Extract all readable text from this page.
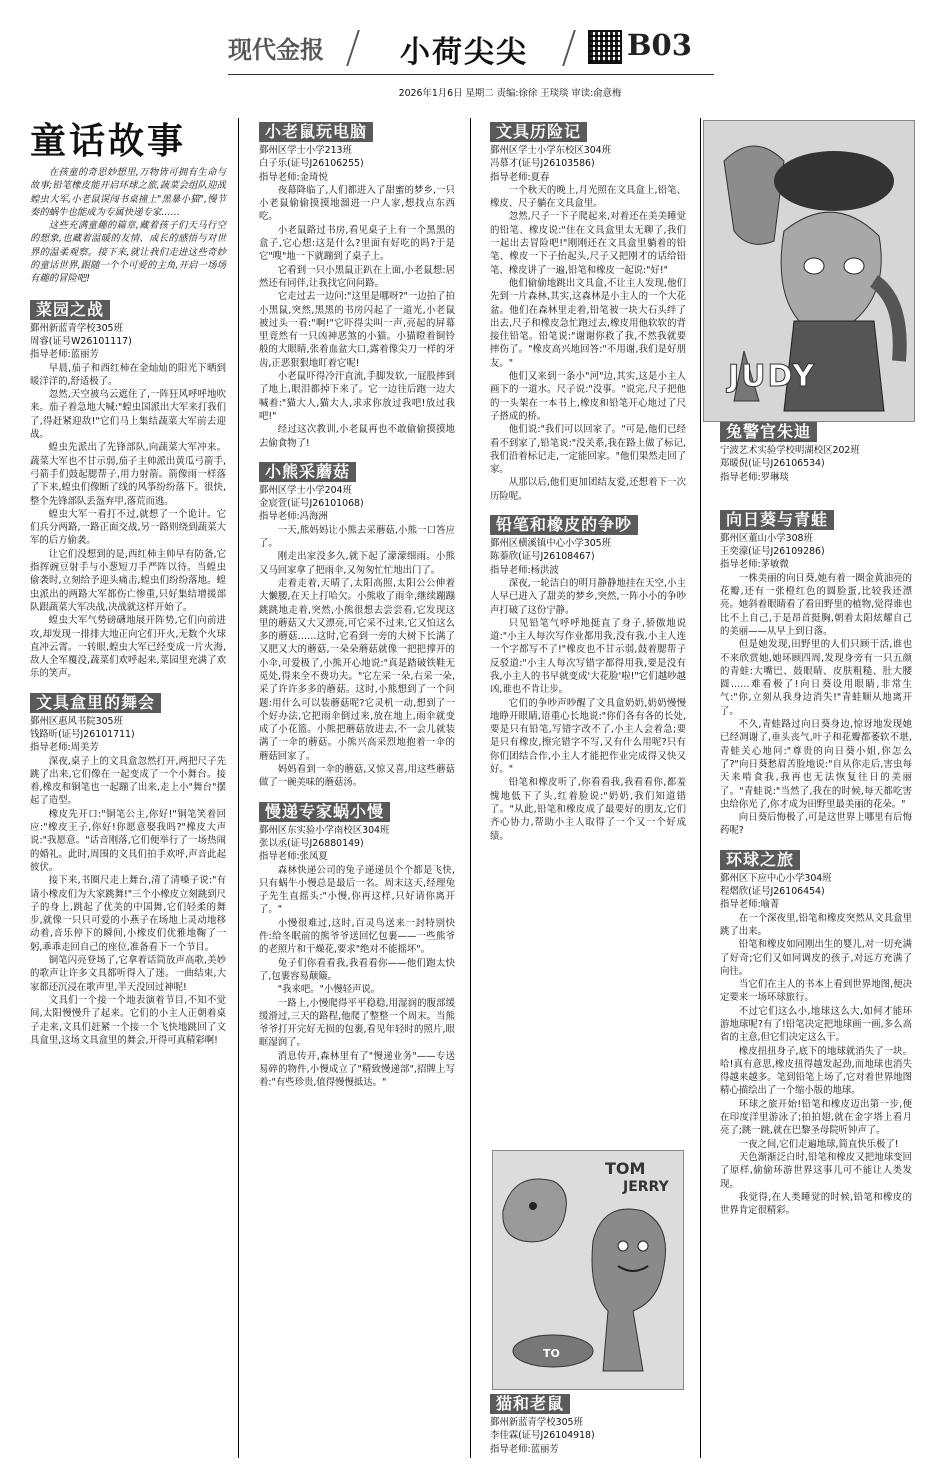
现代金报	小荷尖尖	B03
2026年1月6日 星期二 责编:徐徐 王琰琰 审读:俞意梅
童话故事

在孩童的奇思妙想里,万物皆可拥有生命与故事;铅笔橡皮能开启环球之旅,蔬菜会组队迎战蝗虫大军,小老鼠误闯书桌撞上"黑暴小猫",慢节奏的蜗牛也能成为专属快递专家……

这些充满童趣的篇章,藏着孩子们天马行空的想象,也藏着温暖的友情、成长的感悟与对世界的温柔观察。接下来,就让我们走进这些奇妙的童话世界,跟随一个个可爱的主角,开启一场场有趣的冒险吧!

菜园之战
鄞州新蓝青学校305班
周睿(证号W26101117)
指导老师:蓝丽芳

早晨,茄子和西红柿在金灿灿的阳光下晒到暖洋洋的,舒适极了。

忽然,天空被乌云遮住了,一阵狂风呼呼地吹来。茄子着急地大喊:"蝗虫国派出大军来打我们了,得赶紧迎敌!"它们马上集结蔬菜大军前去迎战。

蝗虫先派出了先锋部队,向蔬菜大军冲来。蔬菜大军也不甘示弱,茄子主帅派出黄瓜弓箭手,弓箭手们鼓起腮帮子,用力射箭。箭像雨一样落了下来,蝗虫们像断了线的风筝纷纷落下。很快,整个先锋部队丢盔弃甲,落荒而逃。

蝗虫大军一看打不过,就想了一个诡计。它们兵分两路,一路正面交战,另一路则绕到蔬菜大军的后方偷袭。

让它们没想到的是,西红柿主帅早有防备,它指挥豌豆射手与小葱短刀手严阵以待。当蝗虫偷袭时,立刻给予迎头痛击,蝗虫们纷纷落地。蝗虫派出的两路大军都伤亡惨重,只好集结增援部队跟蔬菜大军决战,决战就这样开始了。

蝗虫大军气势磅礴地展开阵势,它们向前进攻,却发现一排排大地正向它们开火,无数个火球直冲云霄。一转眼,蝗虫大军已经变成一片火海,敌人全军覆没,蔬菜们欢呼起来,菜园里充满了欢乐的笑声。

文具盒里的舞会
鄞州区惠风书院305班
钱路昕(证号J26101711)
指导老师:周美芳

深夜,桌子上的文具盒忽然打开,两把尺子先跳了出来,它们像在一起变成了一个小舞台。接着,橡皮和铜笔也一起蹦了出来,走上小"舞台"摆起了造型。

橡皮先开口:"铜笔公主,你好!"铜笔笑着回应:"橡皮王子,你好!你愿意娶我吗?"橡皮大声说:"我愿意。"话音刚落,它们便举行了一场热闹的婚礼。此时,周围的文具们拍手欢呼,声音此起彼伏。

接下来,书圈尺走上舞台,清了清嗓子说:"有请小橡皮们为大家跳舞!"三个小橡皮立刻跳到尺子的身上,跳起了优美的中国舞,它们轻柔的舞步,就像一只只可爱的小燕子在场地上灵动地移动着,音乐停下的瞬间,小橡皮们优雅地鞠了一躬,乖乖走回自己的座位,准备看下一个节目。

铜笔闪亮登场了,它拿着话筒放声高歌,美妙的歌声让许多文具都听得入了迷。一曲结束,大家都还沉浸在歌声里,半天没回过神呢!

文具们一个接一个地表演着节目,不知不觉间,太阳慢慢升了起来。它们的小主人正朝着桌子走来,文具们赶紧一个接一个飞快地跳回了文具盒里,这场文具盒里的舞会,开得可真精彩啊!

小老鼠玩电脑
鄞州区学士小学213班
白子乐(证号J26106255)
指导老师:金琦悦

夜幕降临了,人们都进入了甜蜜的梦乡,一只小老鼠偷偷摸摸地溜进一户人家,想找点东西吃。

小老鼠路过书房,看见桌子上有一个黑黑的盒子,它心想:这是什么?里面有好吃的吗?于是它"嗖"地一下就蹦到了桌子上。

它看到一只小黑鼠正趴在上面,小老鼠想:居然还有同伴,让我找它问问路。

它走过去一边问:"这里是哪呀?"一边拍了拍小黑鼠,突然,黑黑的书房闪起了一道光,小老鼠被过头一看:"啊!"它吓得尖叫一声,亮起的屏幕里竟然有一只凶神恶煞的小猫。小猫瞪着铜铃般的大眼睛,张着血盆大口,露着像尖刀一样的牙齿,正恶狠狠地盯着它呢!

小老鼠吓得冷汗直流,手脚发软,一屁股摔到了地上,眼泪都掉下来了。它一边往后跑一边大喊着:"猫大人,猫大人,求求你放过我吧!放过我吧!"

经过这次教训,小老鼠再也不敢偷偷摸摸地去偷食物了!

小熊采蘑菇
鄞州区学士小学204班
金宸萱(证号J26101068)
指导老师:冯海洲

一天,熊妈妈让小熊去采蘑菇,小熊一口答应了。

刚走出家没多久,就下起了濛濛细雨。小熊又马回家拿了把雨伞,又匆匆忙忙地出门了。

走着走着,天晴了,太阳高照,太阳公公伸着大懒腰,在天上打哈欠。小熊收了雨伞,继续蹦蹦跳跳地走着,突然,小熊很想去尝尝看,它发现这里的蘑菇又大又漂亮,可它采不过来,它又怕这么多的蘑菇……这时,它看到一旁的大树下长满了又肥又大的蘑菇,一朵朵蘑菇就像一把把撑开的小伞,可爱极了,小熊开心地说:"真是踏破铁鞋无觅处,得来全不费功夫。"它左采一朵,右采一朵,采了许许多多的蘑菇。这时,小熊想到了一个问题:用什么可以装蘑菇呢?它灵机一动,想到了一个好办法,它把雨伞倒过来,放在地上,雨伞就变成了小花篮。小熊把蘑菇放进去,不一会儿就装满了一伞的蘑菇。小熊兴高采烈地抱着一伞的蘑菇回家了。

妈妈看到一伞的蘑菇,又惊又喜,用这些蘑菇做了一碗美味的蘑菇汤。

慢递专家蜗小慢
鄞州区东实验小学南校区304班
张以丞(证号J26880149)
指导老师:张凤夏

森林快递公司的兔子递递员个个都是飞快,只有蜗牛小慢总是最后一名。周末这天,经理兔子先生直摇头:"小慢,你再这样,只好请你离开了。"

小慢很难过,这时,百灵鸟送来一封特别快件:给冬眠前的熊爷爷送回忆包裹——一些熊爷的老照片和干燥花,要求"绝对不能摇坏"。

兔子们你看看我,我看看你——他们跑太快了,包裹容易颠簸。

"我来吧。"小慢轻声说。

一路上,小慢爬得平平稳稳,用湿润的腹部缓缓滑过,三天的路程,他爬了整整一个周末。当熊爷爷打开完好无损的包裹,看见年轻时的照片,眼眶湿润了。

消息传开,森林里有了"慢递业务"——专送易碎的物件,小慢成立了"精致慢递部",招牌上写着:"有些珍贵,值得慢慢抵达。"

文具历险记
鄞州区学士小学东校区304班
冯慕才(证号J26103586)
指导老师:夏春

一个秋天的晚上,月光照在文具盒上,铅笔、橡皮、尺子躺在文具盒里。

忽然,尺子一下子爬起来,对着还在美美睡觉的铅笔、橡皮说:"住在文具盒里太无聊了,我们一起出去冒险吧!"刚刚还在文具盒里躺着的铅笔、橡皮一下子抬起头,尺子又把刚才的话给铅笔、橡皮讲了一遍,铅笔和橡皮一起说:"好!"

他们偷偷地跳出文具盒,不让主人发现,他们先到一片森林,其实,这森林是小主人的一个大花盆。他们在森林里走着,铅笔被一块大石头绊了出去,尺子和橡皮急忙跑过去,橡皮用他软软的背接住铅笔。铅笔说:"谢谢你救了我,不然我就要摔伤了。"橡皮高兴地回答:"不用谢,我们是好朋友。"

他们又来到一条小"河"边,其实,这是小主人画下的一道水。尺子说:"没事。"说完,尺子把他的一头架在一本书上,橡皮和铅笔开心地过了尺子搭成的桥。

他们说:"我们可以回家了。"可是,他们已经看不到家了,铅笔说:"没关系,我在路上做了标记,我们沿着标记走,一定能回家。"他们果然走回了家。

从那以后,他们更加团结友爱,还想着下一次历险呢。

铅笔和橡皮的争吵
鄞州区横溪镇中心小学305班
陈蓁欣(证号J26108467)
指导老师:杨洪波

深夜,一轮洁白的明月静静地挂在天空,小主人早已进入了甜美的梦乡,突然,一阵小小的争吵声打破了这份宁静。

只见铅笔气呼呼地挺直了身子,骄傲地说道:"小主人每次写作业都用我,没有我,小主人连一个字都写不了!"橡皮也不甘示弱,鼓着腮帮子反驳道:"小主人每次写错字都得用我,要是没有我,小主人的书早就变成'大花脸'啦!"它们越吵越凶,谁也不肯让步。

它们的争吵声吵醒了文具盒奶奶,奶奶慢慢地睁开眼睛,语重心长地说:"你们各有各的长处,要是只有铅笔,写错字改不了,小主人会着急;要是只有橡皮,擦完错字不写,又有什么用呢?只有你们团结合作,小主人才能把作业完成得又快又好。"

铅笔和橡皮听了,你看看我,我看看你,都羞愧地低下了头,红着脸说:"奶奶,我们知道错了。"从此,铅笔和橡皮成了最要好的朋友,它们齐心协力,帮助小主人取得了一个又一个好成绩。

TOM
JERRY
TO
猫和老鼠
鄞州新蓝青学校305班
李佳霖(证号J26104918)
指导老师:蓝丽芳
JUDY
兔警官朱迪
宁波艺术实验学校明湖校区202班
郑暖倪(证号J26106534)
指导老师:罗琳琰
向日葵与青蛙
鄞州区董山小学308班
王奕濠(证号J26109286)
指导老师:茅敏微

一株美丽的向日葵,她有着一圈金黄油亮的花瓣,还有一张橙红色的圆脸蛋,比较我还漂亮。她斜着眼睛看了看田野里的植物,觉得谁也比不上自己,于是昂首挺胸,朝着太阳炫耀自己的美丽——从早上到日落。

但是她发现,田野里的人们只顾干活,谁也不来欣赏她,她环顾四周,发现身旁有一只五颜的青蛙:大嘴巴、鼓眼睛、皮肤粗糙、肚大腰圆……难看极了!向日葵设用眼睛,非常生气:"你,立刻从我身边消失!"青蛙顺从地离开了。

不久,青蛙路过向日葵身边,惊讶地发现她已经凋谢了,垂头丧气,叶子和花瓣都萎软不堪,青蛙关心地问:"尊贵的向日葵小姐,你怎么了?"向日葵愁眉苦脸地说:"自从你走后,害虫每天来啃食我,我再也无法恢复往日的美丽了。"青蛙说:"当然了,我在的时候,每天都吃害虫给你光了,你才成为田野里最美丽的花朵。"

向日葵后悔极了,可是这世界上哪里有后悔药呢?

环球之旅
鄞州区下应中心小学304班
程熠欣(证号J26106454)
指导老师:喻菁

在一个深夜里,铅笔和橡皮突然从文具盒里跳了出来。

铅笔和橡皮如同刚出生的婴儿,对一切充满了好奇;它们又如同调皮的孩子,对远方充满了向往。

当它们在主人的书本上看到世界地图,便决定要来一场环球旅行。

不过它们这么小,地球这么大,如何才能环游地球呢?有了!铅笔决定把地球画一画,多么高省的主意,但它们决定这么干。

橡皮扭扭身子,底下的地球就消失了一块。哈!真有意思,橡皮扭得越发起劲,而地球也消失得越来越多。笔到铅笔上场了,它对着世界地图精心描绘出了一个缩小版的地球。

环球之旅开始!铅笔和橡皮迈出第一步,便在印度洋里游泳了;拍拍翅,就在金字塔上看月亮了;跳一跳,就在巴黎圣母院听钟声了。

一夜之间,它们走遍地球,简直快乐极了!

天色渐渐泛白时,铅笔和橡皮又把地球变回了原样,偷偷环游世界这事儿可不能让人类发现。

我觉得,在人类睡觉的时候,铅笔和橡皮的世界肯定很精彩。
